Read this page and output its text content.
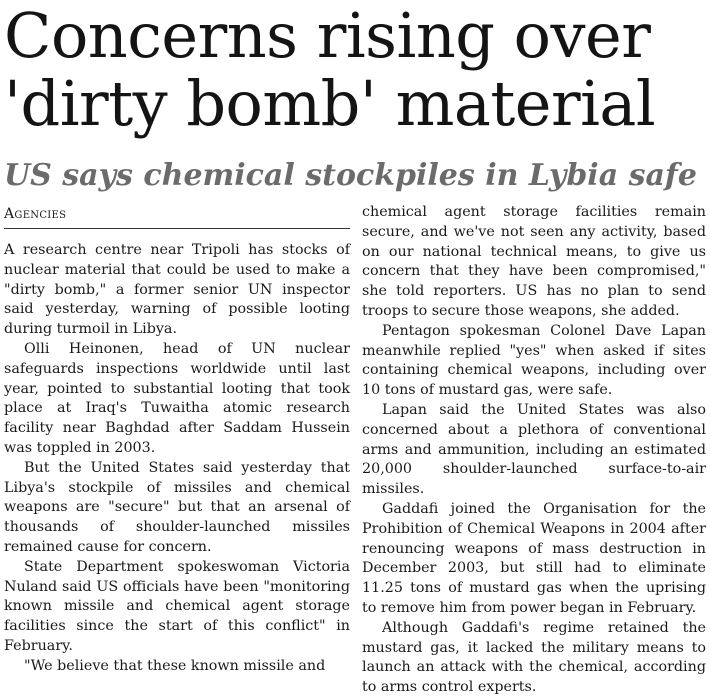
Concerns rising over 'dirty bomb' material
US says chemical stockpiles in Lybia safe
Agencies

A research centre near Tripoli has stocks of nuclear material that could be used to make a "dirty bomb," a former senior UN inspector said yesterday, warning of possible looting during turmoil in Libya.

Olli Heinonen, head of UN nuclear safeguards inspections worldwide until last year, pointed to substantial looting that took place at Iraq's Tuwaitha atomic research facility near Baghdad after Saddam Hussein was toppled in 2003.

But the United States said yesterday that Libya's stockpile of missiles and chemical weapons are "secure" but that an arsenal of thousands of shoulder-launched missiles remained cause for concern.

State Department spokeswoman Victoria Nuland said US officials have been "monitoring known missile and chemical agent storage facilities since the start of this conflict" in February.

"We believe that these known missile and

chemical agent storage facilities remain secure, and we've not seen any activity, based on our national technical means, to give us concern that they have been compromised," she told reporters. US has no plan to send troops to secure those weapons, she added.

Pentagon spokesman Colonel Dave Lapan meanwhile replied "yes" when asked if sites containing chemical weapons, including over 10 tons of mustard gas, were safe.

Lapan said the United States was also concerned about a plethora of conventional arms and ammunition, including an estimated 20,000 shoulder-launched surface-to-air missiles.

Gaddafi joined the Organisation for the Prohibition of Chemical Weapons in 2004 after renouncing weapons of mass destruction in December 2003, but still had to eliminate 11.25 tons of mustard gas when the uprising to remove him from power began in February.

Although Gaddafi's regime retained the mustard gas, it lacked the military means to launch an attack with the chemical, according to arms control experts.
